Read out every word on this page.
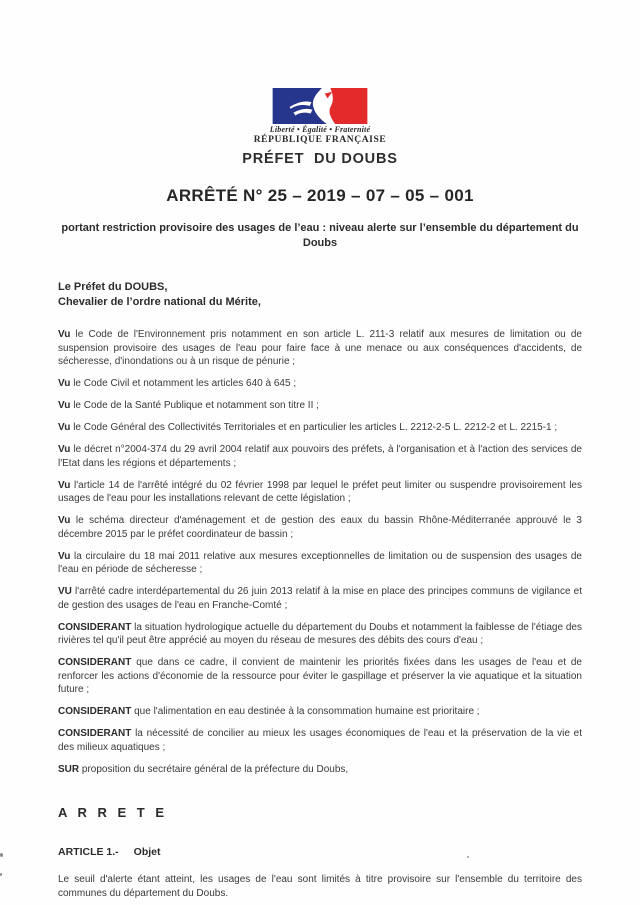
Liberté • Égalité • Fraternité
RÉPUBLIQUE FRANÇAISE
PRÉFET  DU DOUBS
ARRÊTÉ N° 25 – 2019 – 07 – 05 – 001
portant restriction provisoire des usages de l’eau : niveau alerte sur l’ensemble du département du Doubs
Le Préfet du DOUBS,
Chevalier de l’ordre national du Mérite,

Vu le Code de l'Environnement pris notamment en son article L. 211-3 relatif aux mesures de limitation ou de suspension provisoire des usages de l'eau pour faire face à une menace ou aux conséquences d'accidents, de sécheresse, d'inondations ou à un risque de pénurie ;

Vu le Code Civil et notamment les articles 640 à 645 ;

Vu le Code de la Santé Publique et notamment son titre II ;

Vu le Code Général des Collectivités Territoriales et en particulier les articles L. 2212-2-5 L. 2212-2 et L. 2215-1 ;

Vu le décret n°2004-374 du 29 avril 2004 relatif aux pouvoirs des préfets, à l'organisation et à l'action des services de l'Etat dans les régions et départements ;

Vu l'article 14 de l'arrêté intégré du 02 février 1998 par lequel le préfet peut limiter ou suspendre provisoirement les usages de l'eau pour les installations relevant de cette législation ;

Vu le schéma directeur d'aménagement et de gestion des eaux du bassin Rhône-Méditerranée approuvé le 3 décembre 2015 par le préfet coordinateur de bassin ;

Vu la circulaire du 18 mai 2011 relative aux mesures exceptionnelles de limitation ou de suspension des usages de l'eau en période de sécheresse ;

VU l'arrêté cadre interdépartemental du 26 juin 2013 relatif à la mise en place des principes communs de vigilance et de gestion des usages de l'eau en Franche-Comté ;

CONSIDERANT la situation hydrologique actuelle du département du Doubs et notamment la faiblesse de l'étiage des rivières tel qu'il peut être apprécié au moyen du réseau de mesures des débits des cours d'eau ;

CONSIDERANT que dans ce cadre, il convient de maintenir les priorités fixées dans les usages de l'eau et de renforcer les actions d'économie de la ressource pour éviter le gaspillage et préserver la vie aquatique et la situation future ;

CONSIDERANT que l'alimentation en eau destinée à la consommation humaine est prioritaire ;

CONSIDERANT la nécessité de concilier au mieux les usages économiques de l'eau et la préservation de la vie et des milieux aquatiques ;

SUR proposition du secrétaire général de la préfecture du Doubs,

A R R E T E

ARTICLE 1.- Objet

Le seuil d'alerte étant atteint, les usages de l'eau sont limités à titre provisoire sur l'ensemble du territoire des communes du département du Doubs.
